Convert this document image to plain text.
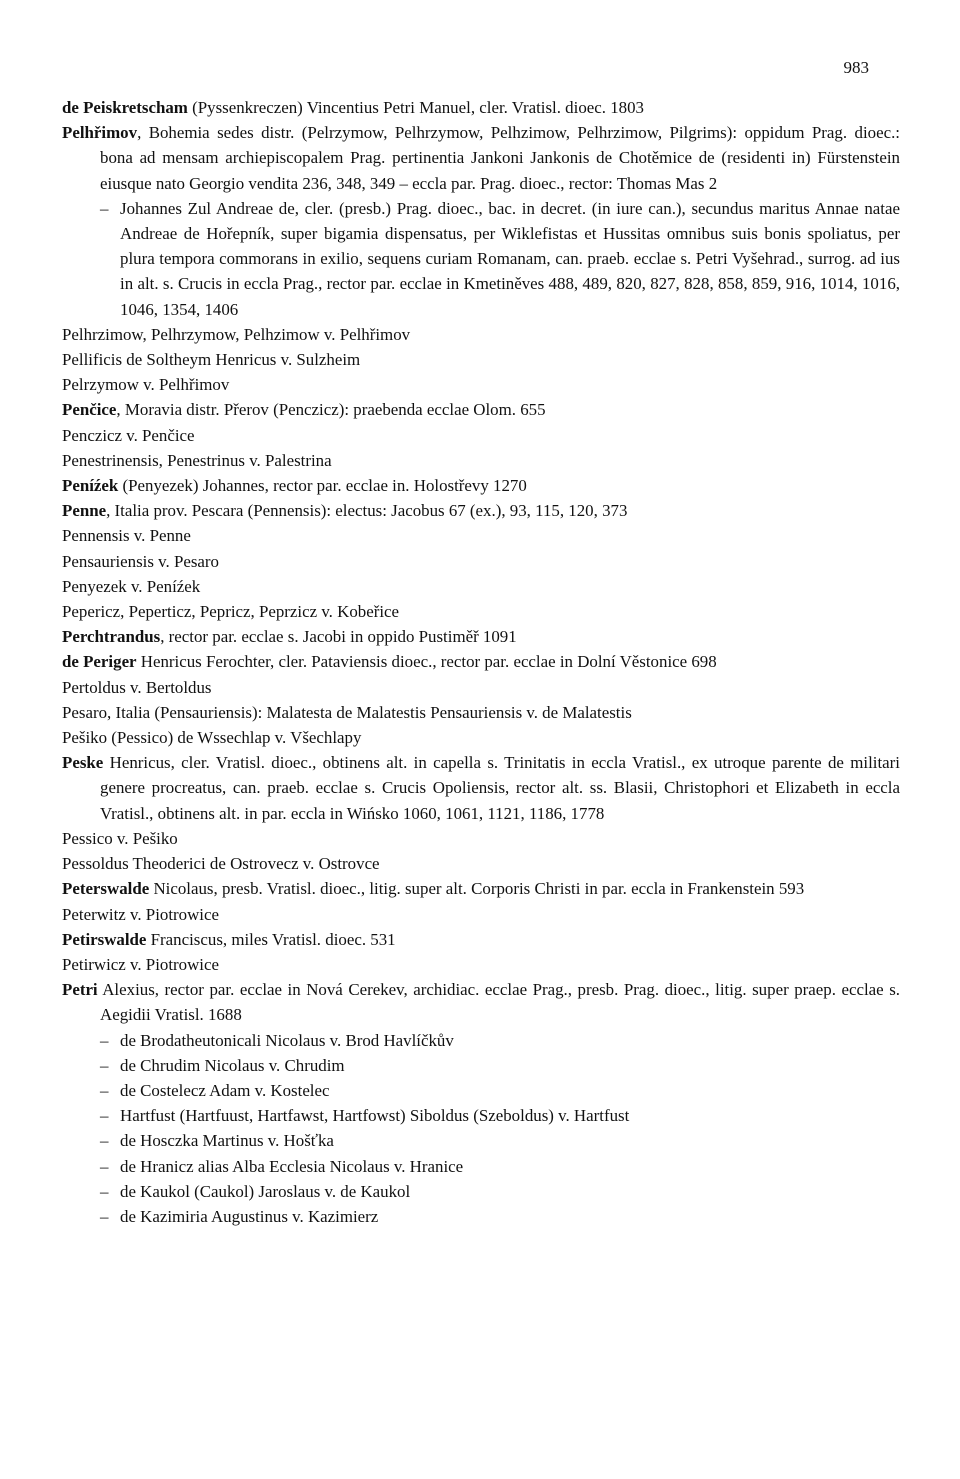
983

de Peiskretscham (Pyssenkreczen) Vincentius Petri Manuel, cler. Vratisl. dioec. 1803

Pelhřimov, Bohemia sedes distr. (Pelrzymow, Pelhrzymow, Pelhzimow, Pelhrzimow, Pilgrims): oppidum Prag. dioec.: bona ad mensam archiepiscopalem Prag. pertinentia Jankoni Jankonis de Chotěmice de (residenti in) Fürstenstein eiusque nato Georgio vendita 236, 348, 349 – eccla par. Prag. dioec., rector: Thomas Mas 2

– Johannes Zul Andreae de, cler. (presb.) Prag. dioec., bac. in decret. (in iure can.), secundus maritus Annae natae Andreae de Hořepník, super bigamia dispensatus, per Wiklefistas et Hussitas omnibus suis bonis spoliatus, per plura tempora commorans in exilio, sequens curiam Romanam, can. praeb. ecclae s. Petri Vyšehrad., surrog. ad ius in alt. s. Crucis in eccla Prag., rector par. ecclae in Kmetiněves 488, 489, 820, 827, 828, 858, 859, 916, 1014, 1016, 1046, 1354, 1406

Pelhrzimow, Pelhrzymow, Pelhzimow v. Pelhřimov

Pellificis de Soltheym Henricus v. Sulzheim

Pelrzymow v. Pelhřimov

Penčice, Moravia distr. Přerov (Penczicz): praebenda ecclae Olom. 655

Penczicz v. Penčice

Penestrinensis, Penestrinus v. Palestrina

Peníźek (Penyezek) Johannes, rector par. ecclae in. Holostřevy 1270

Penne, Italia prov. Pescara (Pennensis): electus: Jacobus 67 (ex.), 93, 115, 120, 373

Pennensis v. Penne

Pensauriensis v. Pesaro

Penyezek v. Peníźek

Pepericz, Peperticz, Pepricz, Peprzicz v. Kobeřice

Perchtrandus, rector par. ecclae s. Jacobi in oppido Pustiměř 1091

de Periger Henricus Ferochter, cler. Pataviensis dioec., rector par. ecclae in Dolní Věstonice 698

Pertoldus v. Bertoldus

Pesaro, Italia (Pensauriensis): Malatesta de Malatestis Pensauriensis v. de Malatestis

Pešiko (Pessico) de Wssechlap v. Všechlapy

Peske Henricus, cler. Vratisl. dioec., obtinens alt. in capella s. Trinitatis in eccla Vratisl., ex utroque parente de militari genere procreatus, can. praeb. ecclae s. Crucis Opoliensis, rector alt. ss. Blasii, Christophori et Elizabeth in eccla Vratisl., obtinens alt. in par. eccla in Wińsko 1060, 1061, 1121, 1186, 1778

Pessico v. Pešiko

Pessoldus Theoderici de Ostrovecz v. Ostrovce

Peterswalde Nicolaus, presb. Vratisl. dioec., litig. super alt. Corporis Christi in par. eccla in Frankenstein 593

Peterwitz v. Piotrowice

Petirswalde Franciscus, miles Vratisl. dioec. 531

Petirwicz v. Piotrowice

Petri Alexius, rector par. ecclae in Nová Cerekev, archidiac. ecclae Prag., presb. Prag. dioec., litig. super praep. ecclae s. Aegidii Vratisl. 1688

– de Brodatheutonicali Nicolaus v. Brod Havlíčkův

– de Chrudim Nicolaus v. Chrudim

– de Costelecz Adam v. Kostelec

– Hartfust (Hartfuust, Hartfawst, Hartfowst) Siboldus (Szeboldus) v. Hartfust

– de Hosczka Martinus v. Hošťka

– de Hranicz alias Alba Ecclesia Nicolaus v. Hranice

– de Kaukol (Caukol) Jaroslaus v. de Kaukol

– de Kazimiria Augustinus v. Kazimierz
